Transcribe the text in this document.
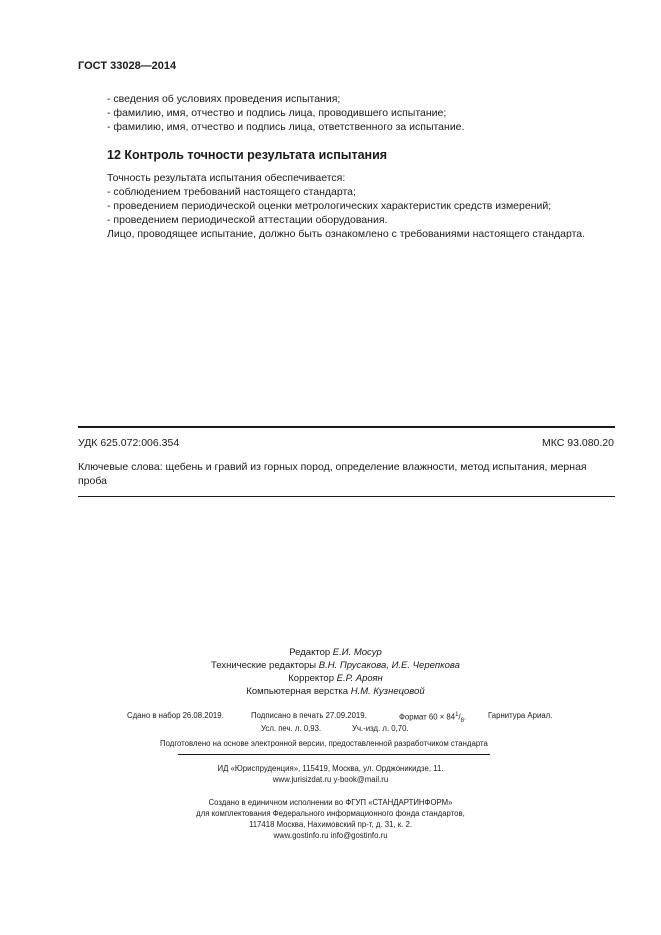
ГОСТ 33028—2014
- сведения об условиях проведения испытания;
- фамилию, имя, отчество и подпись лица, проводившего испытание;
- фамилию, имя, отчество и подпись лица, ответственного за испытание.
12 Контроль точности результата испытания
Точность результата испытания обеспечивается:
- соблюдением требований настоящего стандарта;
- проведением периодической оценки метрологических характеристик средств измерений;
- проведением периодической аттестации оборудования.
Лицо, проводящее испытание, должно быть ознакомлено с требованиями настоящего стандарта.
УДК 625.072:006.354	МКС 93.080.20
Ключевые слова: щебень и гравий из горных пород, определение влажности, метод испытания, мерная проба
Редактор Е.И. Мосур
Технические редакторы В.Н. Прусакова, И.Е. Черепкова
Корректор Е.Р. Ароян
Компьютерная верстка Н.М. Кузнецовой
Сдано в набор 26.08.2019.	Подписано в печать 27.09.2019.	Формат $60 \times 84^1/_8$.	Гарнитура Ариал.
Усл. печ. л. 0,93.	Уч.-изд. л. 0,70.
Подготовлено на основе электронной версии, предоставленной разработчиком стандарта
ИД «Юриспруденция», 115419, Москва, ул. Орджоникидзе, 11.
www.jurisizdat.ru y-book@mail.ru
Создано в единичном исполнении во ФГУП «СТАНДАРТИНФОРМ»
для комплектования Федерального информационного фонда стандартов,
117418 Москва, Нахимовский пр-т, д. 31, к. 2.
www.gostinfo.ru info@gostinfo.ru
